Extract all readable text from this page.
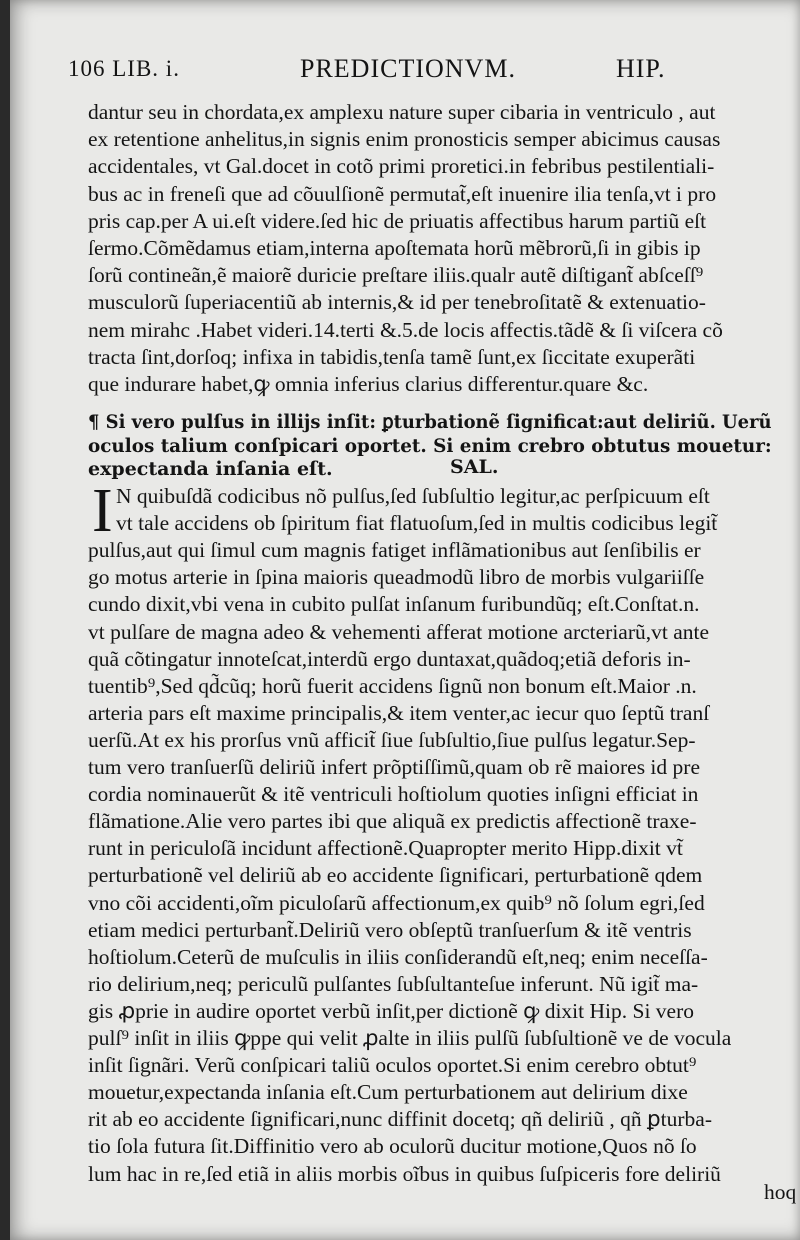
106 LIB. i.	PREDICTIONVM.	HIP.
dantur seu in chordata,ex amplexu nature super cibaria in ventriculo , aut
ex retentione anhelitus,in signis enim pronosticis semper abicimus causas
accidentales, vt Gal.docet in cotõ primi proretici.in febribus pestilentiali-
bus ac in freneſi que ad cõuulſionẽ permutat̃,eſt inuenire ilia tenſa,vt i pro
pris cap.per A ui.eſt videre.ſed hic de priuatis affectibus harum partiũ eſt
ſermo.Cõmẽdamus etiam,interna apoſtemata horũ mẽbrorũ,ſi in gibis ip
ſorũ contineãn,ẽ maiorẽ duricie preſtare iliis.qualr autẽ diſtigant̃ abſceſſ⁹
musculorũ ſuperiacentiũ ab internis,& id per tenebroſitatẽ & extenuatio-
nem mirahc .Habet videri.14.terti &.5.de locis affectis.tãdẽ & ſi viſcera cõ
tracta ſint,dorſoq; infixa in tabidis,tenſa tamẽ ſunt,ex ſiccitate exuperãti
que indurare habet,ꝙ omnia inferius clarius differentur.quare &c.
¶ Si vero pulſus in illijs inſit: ꝑturbationẽ ſignificat:aut deliriũ. Uerũ
oculos talium conſpicari oportet. Si enim crebro obtutus mouetur:
expectanda inſania eſt.	SAL.
N quibuſdã codicibus nõ pulſus,ſed ſubſultio legitur,ac perſpicuum eſt
vt tale accidens ob ſpiritum fiat flatuoſum,ſed in multis codicibus legit̃
pulſus,aut qui ſimul cum magnis fatiget inflãmationibus aut ſenſibilis er
go motus arterie in ſpina maioris queadmodũ libro de morbis vulgariiſſe
cundo dixit,vbi vena in cubito pulſat inſanum furibundũq; eſt.Conſtat.n.
vt pulſare de magna adeo & vehementi afferat motione arcteriarũ,vt ante
quã cõtingatur innoteſcat,interdũ ergo duntaxat,quãdoq;etiã deforis in-
tuentib⁹,Sed qd̃cũq; horũ fuerit accidens ſignũ non bonum eſt.Maior .n.
arteria pars eſt maxime principalis,& item venter,ac iecur quo ſeptũ tranſ
uerſũ.At ex his prorſus vnũ afficit̃ ſiue ſubſultio,ſiue pulſus legatur.Sep-
tum vero tranſuerſũ deliriũ infert prõptiſſimũ,quam ob rẽ maiores id pre
cordia nominauerũt & itẽ ventriculi hoſtiolum quoties inſigni efficiat in
flãmatione.Alie vero partes ibi que aliquã ex predictis affectionẽ traxe-
runt in periculoſã incidunt affectionẽ.Quapropter merito Hipp.dixit vt̃
perturbationẽ vel deliriũ ab eo accidente ſignificari, perturbationẽ qdem
vno cõi accidenti,oĩm piculoſarũ affectionum,ex quib⁹ nõ ſolum egri,ſed
etiam medici perturbant̃.Deliriũ vero obſeptũ tranſuerſum & itẽ ventris
hoſtiolum.Ceterũ de muſculis in iliis conſiderandũ eſt,neq; enim neceſſa-
rio delirium,neq; periculũ pulſantes ſubſultanteſue inferunt. Nũ igit̃ ma-
gis ꝓprie in audire oportet verbũ inſit,per dictionẽ ꝙ dixit Hip. Si vero
pulſ⁹ inſit in iliis ꝙppe qui velit ꝓalte in iliis pulſũ ſubſultionẽ ve de vocula
inſit ſignãri. Verũ conſpicari taliũ oculos oportet.Si enim cerebro obtut⁹
mouetur,expectanda inſania eſt.Cum perturbationem aut delirium dixe
rit ab eo accidente ſignificari,nunc diffinit docetq; qñ deliriũ , qñ ꝑturba-
tio ſola futura ſit.Diffinitio vero ab oculorũ ducitur motione,Quos nõ ſo
lum hac in re,ſed etiã in aliis morbis oĩbus in quibus ſuſpiceris fore deliriũ
I
hoq
